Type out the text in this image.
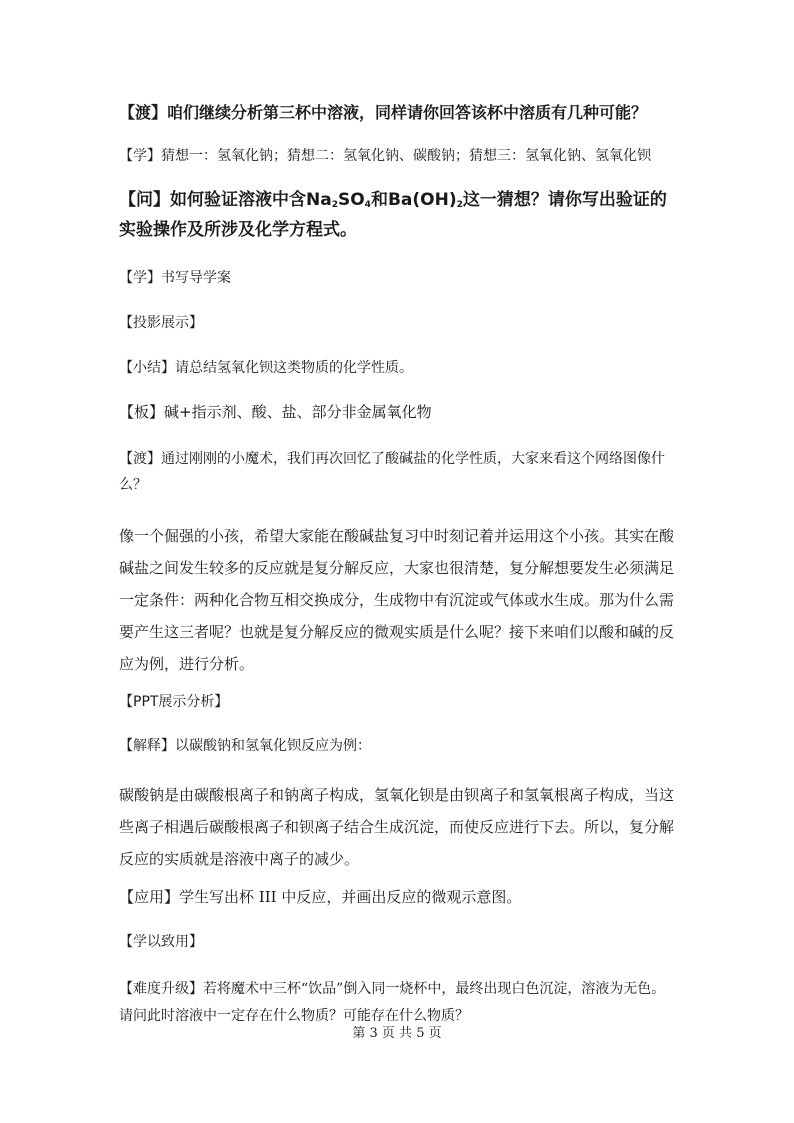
【渡】咱们继续分析第三杯中溶液，同样请你回答该杯中溶质有几种可能？

【学】猜想一：氢氧化钠；猜想二：氢氧化钠、碳酸钠；猜想三：氢氧化钠、氢氧化钡

【问】如何验证溶液中含$Na_2SO_4$和$Ba(OH)_2$这一猜想？请你写出验证的实验操作及所涉及化学方程式。

【学】书写导学案

【投影展示】

【小结】请总结氢氧化钡这类物质的化学性质。

【板】碱+指示剂、酸、盐、部分非金属氧化物

【渡】通过刚刚的小魔术，我们再次回忆了酸碱盐的化学性质，大家来看这个网络图像什么？

像一个倔强的小孩，希望大家能在酸碱盐复习中时刻记着并运用这个小孩。其实在酸碱盐之间发生较多的反应就是复分解反应，大家也很清楚，复分解想要发生必须满足一定条件：两种化合物互相交换成分，生成物中有沉淀或气体或水生成。那为什么需要产生这三者呢？也就是复分解反应的微观实质是什么呢？接下来咱们以酸和碱的反应为例，进行分析。

【PPT展示分析】

【解释】以碳酸钠和氢氧化钡反应为例：

碳酸钠是由碳酸根离子和钠离子构成，氢氧化钡是由钡离子和氢氧根离子构成，当这些离子相遇后碳酸根离子和钡离子结合生成沉淀，而使反应进行下去。所以，复分解反应的实质就是溶液中离子的减少。

【应用】学生写出杯 III 中反应，并画出反应的微观示意图。

【学以致用】

【难度升级】若将魔术中三杯“饮品”倒入同一烧杯中，最终出现白色沉淀，溶液为无色。请问此时溶液中一定存在什么物质？可能存在什么物质？

第 3 页 共 5 页
